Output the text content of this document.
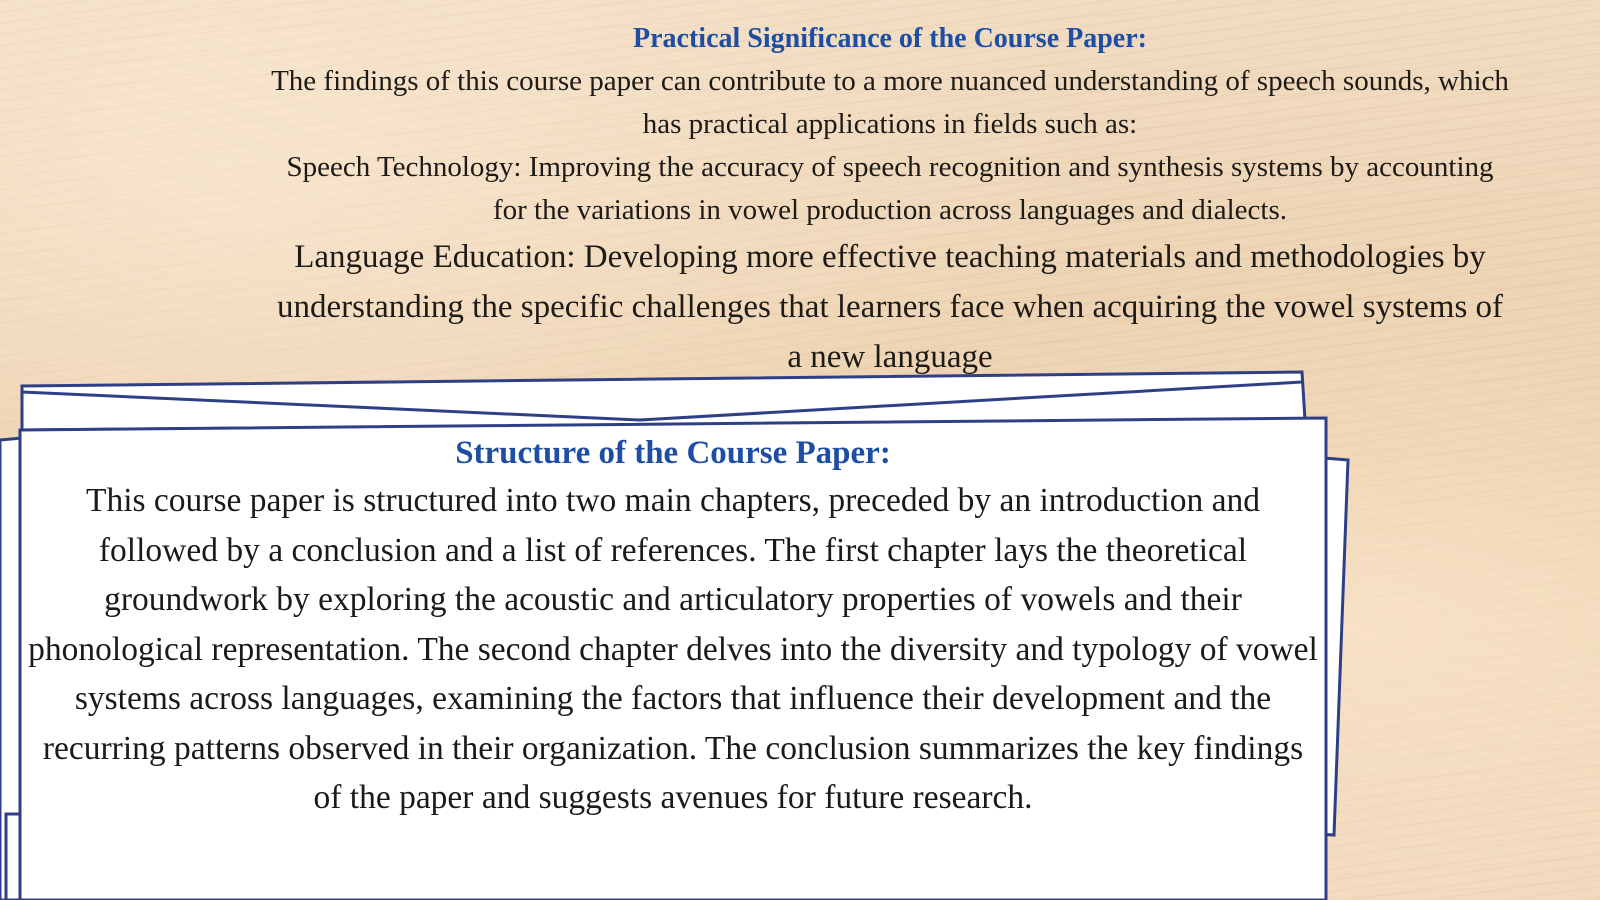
Practical Significance of the Course Paper:

The findings of this course paper can contribute to a more nuanced understanding of speech sounds, which has practical applications in fields such as:

Speech Technology: Improving the accuracy of speech recognition and synthesis systems by accounting for the variations in vowel production across languages and dialects.

Language Education: Developing more effective teaching materials and methodologies by understanding the specific challenges that learners face when acquiring the vowel systems of a new language

Structure of the Course Paper:

This course paper is structured into two main chapters, preceded by an introduction and followed by a conclusion and a list of references. The first chapter lays the theoretical groundwork by exploring the acoustic and articulatory properties of vowels and their phonological representation. The second chapter delves into the diversity and typology of vowel systems across languages, examining the factors that influence their development and the recurring patterns observed in their organization. The conclusion summarizes the key findings of the paper and suggests avenues for future research.
